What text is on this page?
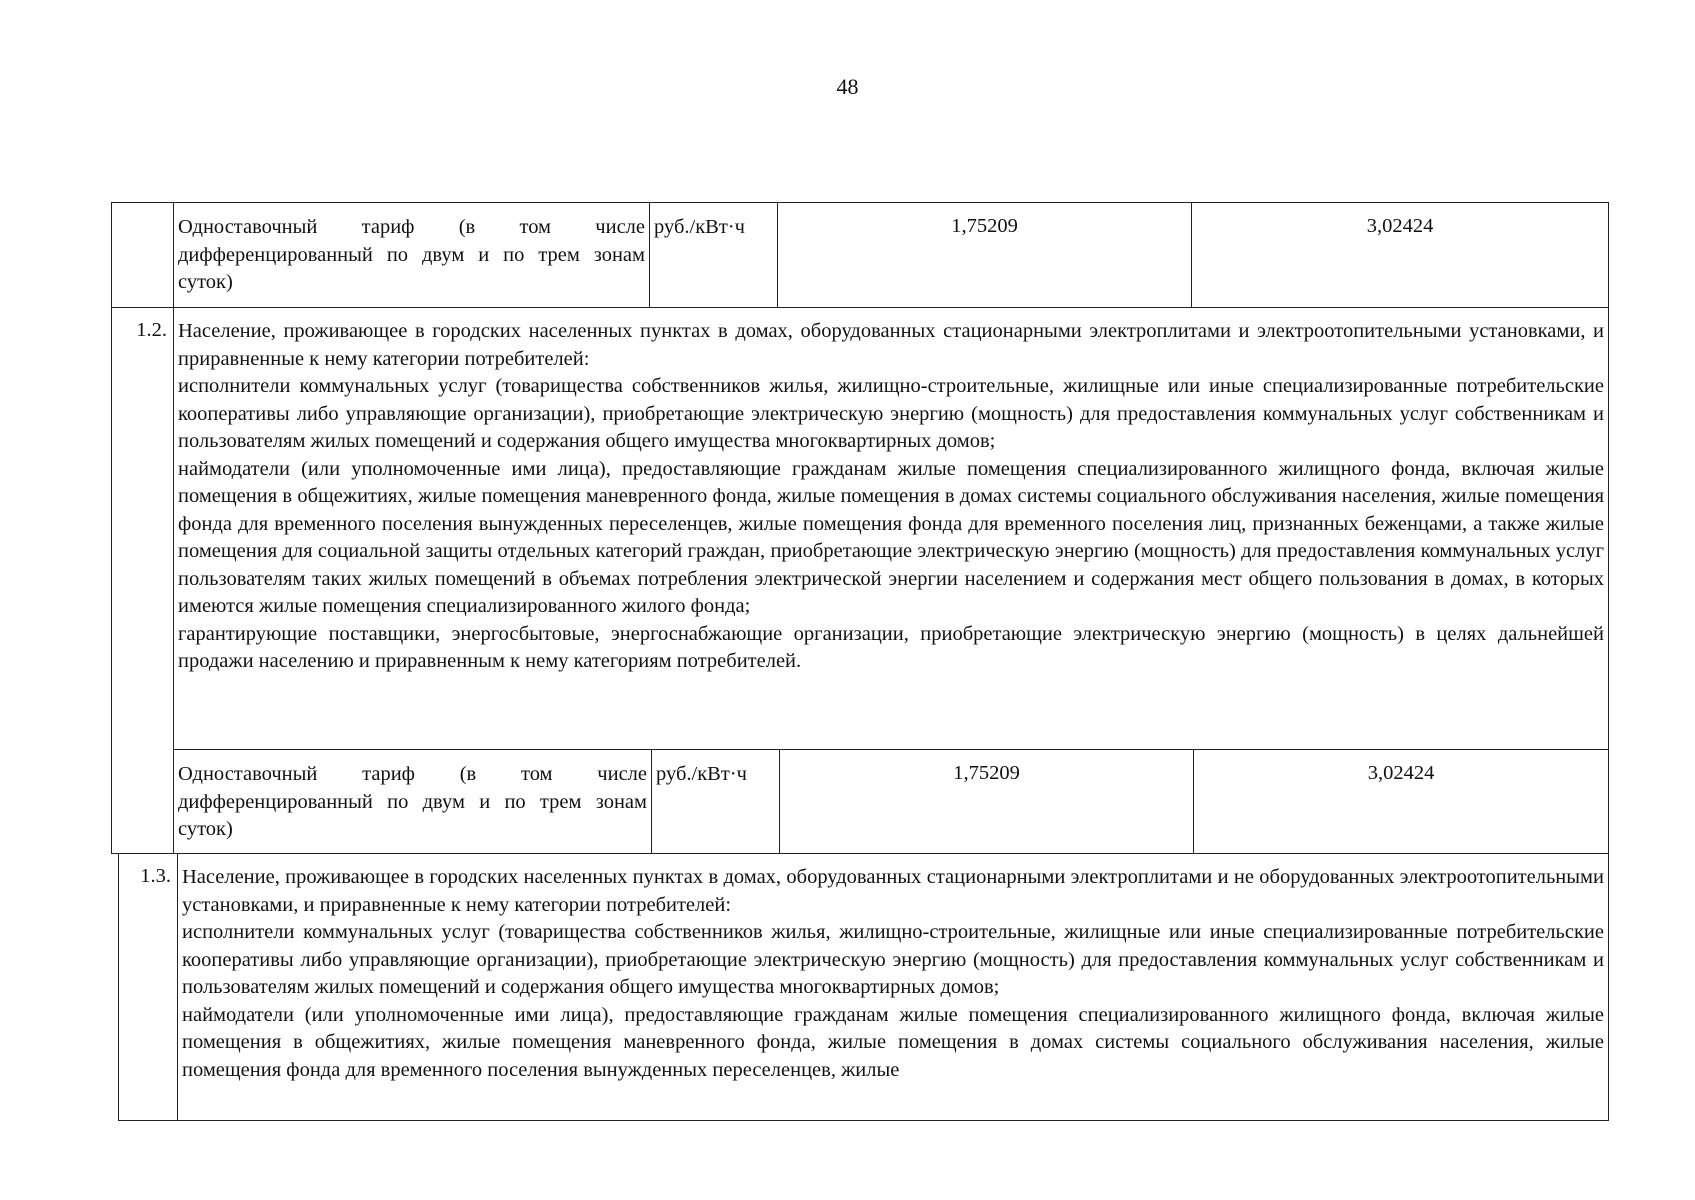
48
	Одноставочный тариф (в том числе дифференцированный по двум и по трем зонам суток)	руб./кВт·ч	1,75209	3,02424
1.2.	Население, проживающее в городских населенных пунктах в домах, оборудованных стационарными электроплитами и электроотопительными установками, и приравненные к нему категории потребителей:

исполнители коммунальных услуг (товарищества собственников жилья, жилищно-строительные, жилищные или иные специализированные потребительские кооперативы либо управляющие организации), приобретающие электрическую энергию (мощность) для предоставления коммунальных услуг собственникам и пользователям жилых помещений и содержания общего имущества многоквартирных домов;

наймодатели (или уполномоченные ими лица), предоставляющие гражданам жилые помещения специализированного жилищного фонда, включая жилые помещения в общежитиях, жилые помещения маневренного фонда, жилые помещения в домах системы социального обслуживания населения, жилые помещения фонда для временного поселения вынужденных переселенцев, жилые помещения фонда для временного поселения лиц, признанных беженцами, а также жилые помещения для социальной защиты отдельных категорий граждан, приобретающие электрическую энергию (мощность) для предоставления коммунальных услуг пользователям таких жилых помещений в объемах потребления электрической энергии населением и содержания мест общего пользования в домах, в которых имеются жилые помещения специализированного жилого фонда;

гарантирующие поставщики, энергосбытовые, энергоснабжающие организации, приобретающие электрическую энергию (мощность) в целях дальнейшей продажи населению и приравненным к нему категориям потребителей.			

	Одноставочный тариф (в том числе дифференцированный по двум и по трем зонам суток)	руб./кВт·ч	1,75209	3,02424
1.3.	Население, проживающее в городских населенных пунктах в домах, оборудованных стационарными электроплитами и не оборудованных электроотопительными установками, и приравненные к нему категории потребителей:

исполнители коммунальных услуг (товарищества собственников жилья, жилищно-строительные, жилищные или иные специализированные потребительские кооперативы либо управляющие организации), приобретающие электрическую энергию (мощность) для предоставления коммунальных услуг собственникам и пользователям жилых помещений и содержания общего имущества многоквартирных домов;

наймодатели (или уполномоченные ими лица), предоставляющие гражданам жилые помещения специализированного жилищного фонда, включая жилые помещения в общежитиях, жилые помещения маневренного фонда, жилые помещения в домах системы социального обслуживания населения, жилые помещения фонда для временного поселения вынужденных переселенцев, жилые
